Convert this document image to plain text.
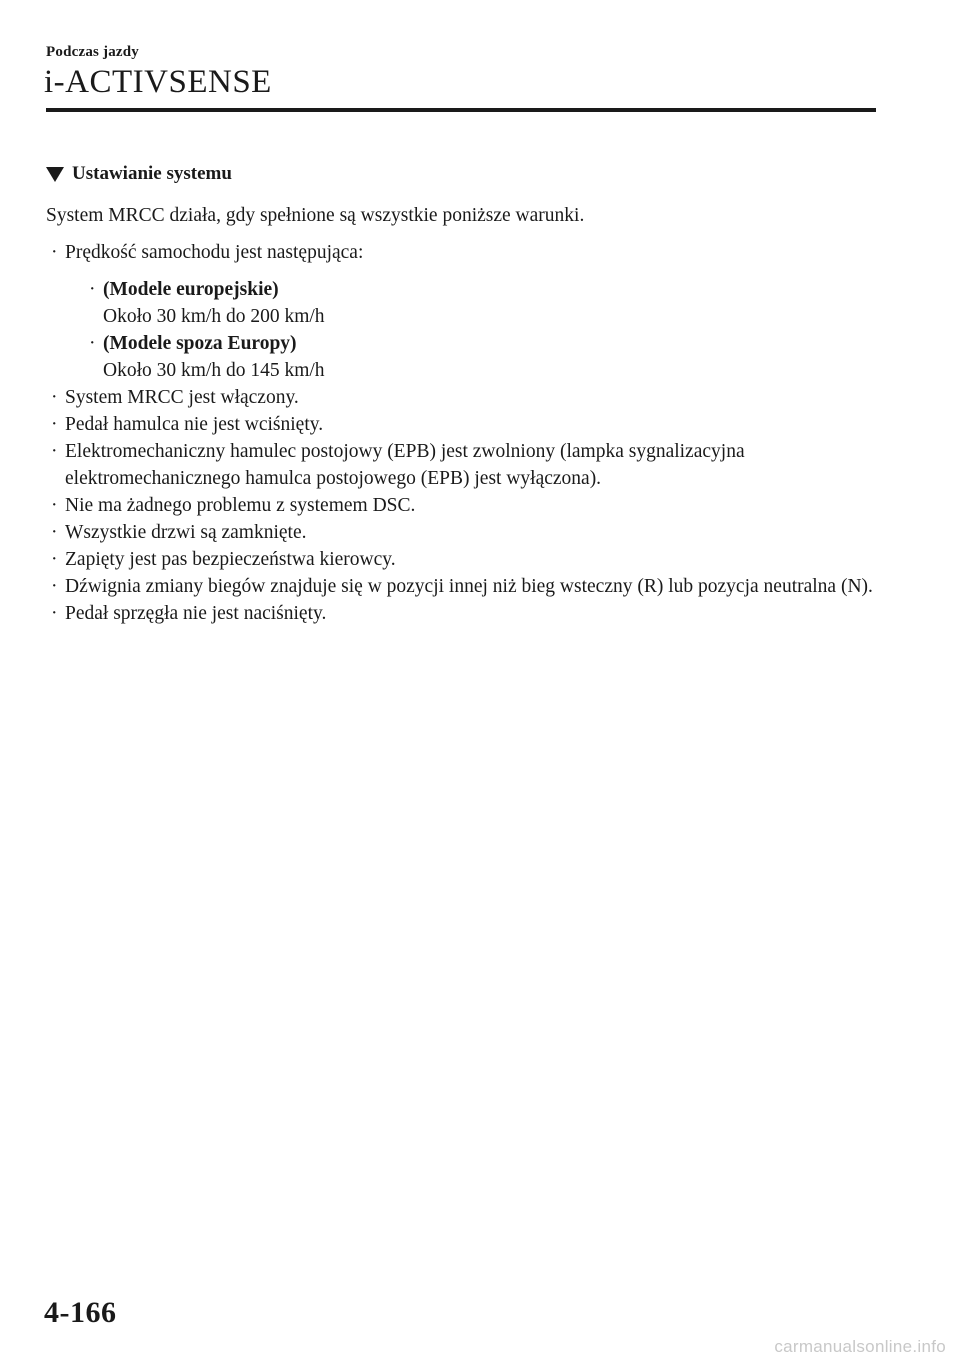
Podczas jazdy
i-ACTIVSENSE
Ustawianie systemu

System MRCC działa, gdy spełnione są wszystkie poniższe warunki.

· Prędkość samochodu jest następująca:
· (Modele europejskie)
Około 30 km/h do 200 km/h
· (Modele spoza Europy)
Około 30 km/h do 145 km/h
· System MRCC jest włączony.
· Pedał hamulca nie jest wciśnięty.
· Elektromechaniczny hamulec postojowy (EPB) jest zwolniony (lampka sygnalizacyjna elektromechanicznego hamulca postojowego (EPB) jest wyłączona).
· Nie ma żadnego problemu z systemem DSC.
· Wszystkie drzwi są zamknięte.
· Zapięty jest pas bezpieczeństwa kierowcy.
· Dźwignia zmiany biegów znajduje się w pozycji innej niż bieg wsteczny (R) lub pozycja neutralna (N).
· Pedał sprzęgła nie jest naciśnięty.
4-166
carmanualsonline.info
